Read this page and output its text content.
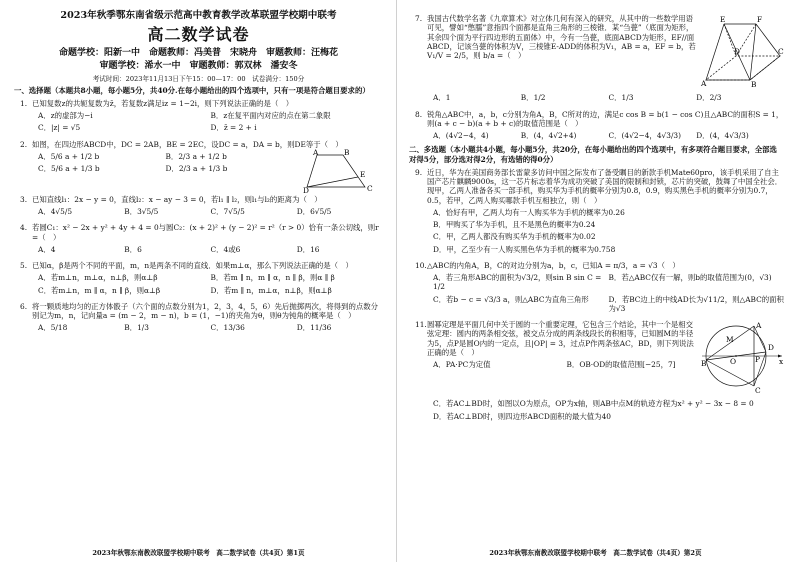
2023年秋季鄂东南省级示范高中教育教学改革联盟学校期中联考
高二数学试卷
命题学校：阳新一中　命题教师：冯美普　宋晓舟　审题教师：汪梅花
审题学校：浠水一中　审题教师：郭双林　潘安冬
考试时间：2023年11月13日下午15：00—17：00　试卷满分：150分
一、选择题（本题共8小题，每小题5分，共40分.在每小题给出的四个选项中，只有一项是符合题目要求的）
1. 已知复数z的共轭复数为z̄，若复数z满足iz = 1−2i，则下列说法正确的是（　）
A．z的虚部为−i	B．z在复平面内对应的点在第二象限
C．|z| = √5	D．z̄ = 2 + i
2. 如图，在四边形ABCD中，DC = 2AB，BE = 2EC，设DC = a，DA = b，则DE等于（　）
A．5/6 a + 1/2 b	B．2/3 a + 1/2 b
C．5/6 a + 1/3 b	D．2/3 a + 1/3 b
A	B
C
D
E
3. 已知直线l₁：2x − y = 0，直线l₂：x − ay − 3 = 0，若l₁ ∥ l₂，则l₁与l₂的距离为（　）
A．4√5/5	B．3√5/5	C．7√5/5	D．6√5/5
4. 若圆C₁：x² − 2x + y² + 4y + 4 = 0与圆C₂：(x + 2)² + (y − 2)² = r²（r > 0）恰有一条公切线，则r =（　）
A．4	B．6	C．4或6	D．16
5. 已知α，β是两个不同的平面，m，n是两条不同的直线．如果m⊥α，那么下列说法正确的是（　）
A．若m⊥n，m⊥α，n⊥β，则α⊥β	B．若m ∥ n，m ∥ α，n ∥ β，则α ∥ β
C．若m⊥n，m ∥ α，n ∥ β，则α⊥β	D．若m ∥ n，m⊥α，n⊥β，则α⊥β
6. 将一颗质地均匀的正方体骰子（六个面的点数分别为1，2，3，4，5，6）先后抛掷两次，将得到的点数分别记为m，n，记向量a = (m − 2，m − n)，b = (1，−1)的夹角为θ，则θ为钝角的概率是（　）
A．5/18	B．1/3	C．13/36	D．11/36
2023年秋鄂东南教改联盟学校期中联考　高二数学试卷（共4页）第1页
7. 我国古代数学名著《九章算术》对立体几何有深入的研究，从其中的一些数学用语可见，譬如“憋臑”意指四个面都是直角三角形的三棱锥．某“刍甍”（底面为矩形，其余四个面为平行四边形的五面体）中，今有一刍甍，底面ABCD为矩形，EF//面ABCD，记该刍甍的体积为V，三棱锥E-ADD的体积为V₁，AB = a，EF = b，若 V₁/V = 2/5，则 b/a =（　）
E	F
A	B
C
D
A．1	B．1/2	C．1/3	D．2/3
8. 锐角△ABC中，a，b，c分别为角A，B，C所对的边，满足c cos B = b(1 − cos C)且△ABC的面积S = 1，则(a + c − b)(a + b + c)的取值范围是（　）
A．(4√2−4，4)	B．(4，4√2+4)	C．(4√2−4，4√3/3)	D．(4，4√3/3)
二、多选题（本小题共4小题，每小题5分，共20分，在每小题给出的四个选项中，有多项符合题目要求，全部选对得5分，部分选对得2分，有选错的得0分）
9. 近日，华为在美国商务部长雷蒙多访问中国之际发布了备受瞩目的新款手机Mate60pro，该手机采用了自主国产芯片麒麟9000s，这一芯片标志着华为成功突破了美国的限制和封锁，芯片的突破，鼓舞了中国全社会．现甲，乙两人准备各买一部手机，购买华为手机的概率分别为0.8，0.9，购买黑色手机的概率分别为0.7，0.5，若甲，乙两人购买哪款手机互相独立，则（　）
A．恰好有甲，乙两人均有一人购买华为手机的概率为0.26
B．甲购买了华为手机，且不是黑色的概率为0.24
C．甲，乙两人都没有购买华为手机的概率为0.02
D．甲，乙至少有一人购买黑色华为手机的概率为0.758
10. △ABC的内角A，B，C的对边分别为a，b，c，已知A = π/3，a = √3（　）
A．若三角形ABC的面积为√3/2，则sin B sin C = 1/2
B．若△ABC仅有一解，则b的取值范围为(0，√3)
C．若b − c = √3/3 a，则△ABC为直角三角形	D．若BC边上的中线AD长为√11/2，则△ABC的面积为√3
11. 圆幂定理是平面几何中关于圆的一个重要定理，它包含三个结论，其中一个是相交弦定理：圆内的两条相交弦，被交点分成的两条线段长的积相等，已知圆M的半径为5，点P是圆O内的一定点，且|OP| = 3，过点P作两条弦AC，BD，则下列说法正确的是（　）
A．PA·PC为定值	B．OB·OD的取值范围[−25，7]	O	P
A
B
C
D
M
x
C．若AC⊥BD时，如图以O为原点，OP为x轴，则AB中点M的轨迹方程为x² + y² − 3x − 8 = 0
D．若AC⊥BD时，则四边形ABCD面积的最大值为40
2023年秋鄂东南教改联盟学校期中联考　高二数学试卷（共4页）第2页
